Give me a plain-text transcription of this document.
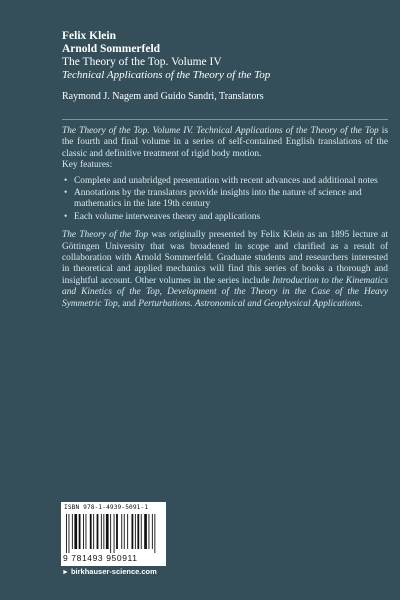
Felix Klein
Arnold Sommerfeld
The Theory of the Top. Volume IV
Technical Applications of the Theory of the Top
Raymond J. Nagem and Guido Sandri, Translators

The Theory of the Top. Volume IV. Technical Applications of the Theory of the Top is the fourth and final volume in a series of self-contained English translations of the classic and definitive treatment of rigid body motion.

Key features:

• Complete and unabridged presentation with recent advances and additional notes
• Annotations by the translators provide insights into the nature of science and mathematics in the late 19th century
• Each volume interweaves theory and applications

The Theory of the Top was originally presented by Felix Klein as an 1895 lecture at Göttingen University that was broadened in scope and clarified as a result of collaboration with Arnold Sommerfeld. Graduate students and researchers interested in theoretical and applied mechanics will find this series of books a thorough and insightful account. Other volumes in the series include Introduction to the Kinematics and Kinetics of the Top, Development of the Theory in the Case of the Heavy Symmetric Top, and Perturbations. Astronomical and Geophysical Applications.

ISBN 978-1-4939-5091-1
9 781493 950911
► birkhauser-science.com
